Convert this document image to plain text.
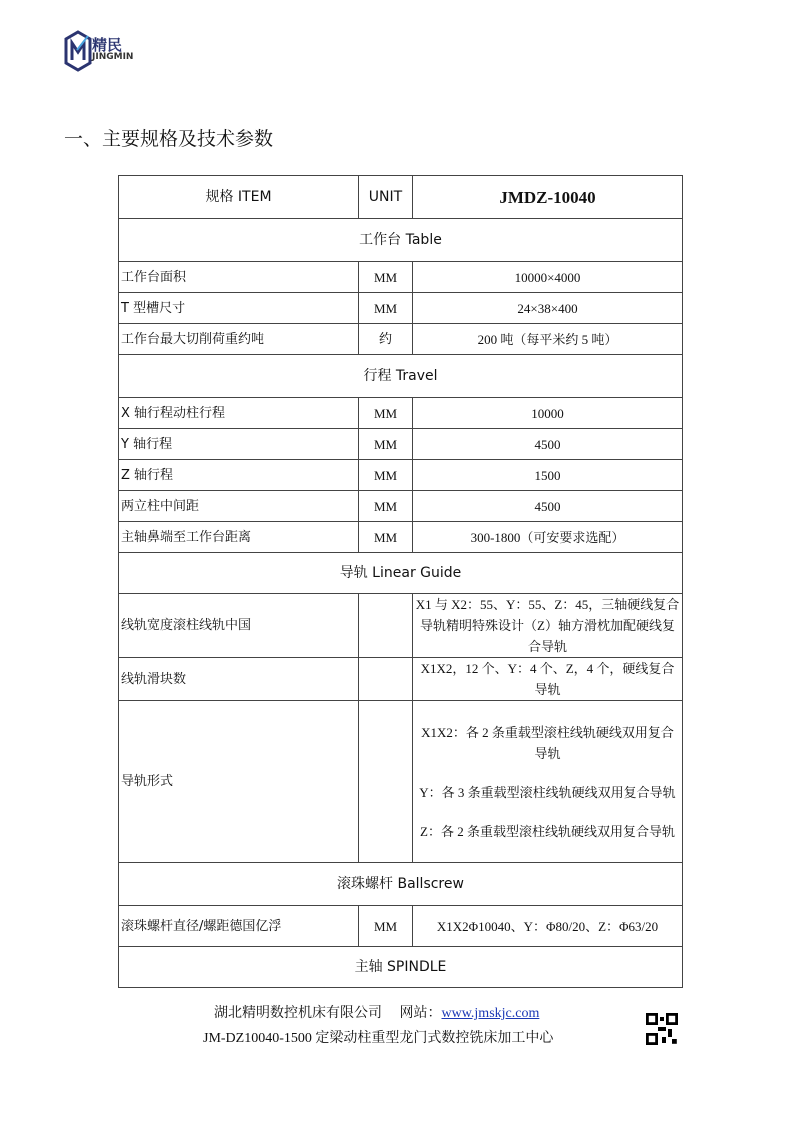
精民
JINGMIN
一、主要规格及技术参数
规格 ITEM	UNIT	JMDZ-10040
工作台 Table		
工作台面积	MM	10000×4000
T 型槽尺寸	MM	24×38×400
工作台最大切削荷重约吨	约	200 吨（每平米约 5 吨）
行程 Travel		
X 轴行程动柱行程	MM	10000
Y 轴行程	MM	4500
Z 轴行程	MM	1500
两立柱中间距	MM	4500
主轴鼻端至工作台距离	MM	300-1800（可安要求选配）
导轨 Linear Guide		
线轨宽度滚柱线轨中国		X1 与 X2：55、Y：55、Z：45，三轴硬线复合导轨精明特殊设计（Z）轴方滑枕加配硬线复合导轨
线轨滑块数		X1X2，12 个、Y：4 个、Z，4 个，硬线复合导轨
导轨形式		X1X2：各 2 条重载型滚柱线轨硬线双用复合导轨
Y：各 3 条重载型滚柱线轨硬线双用复合导轨
Z：各 2 条重载型滚柱线轨硬线双用复合导轨

滚珠螺杆 Ballscrew		
滚珠螺杆直径/螺距德国亿浮	MM	X1X2Φ10040、Y：Φ80/20、Z：Φ63/20
主轴 SPINDLE		
湖北精明数控机床有限公司 网站：www.jmskjc.com
JM-DZ10040-1500 定梁动柱重型龙门式数控铣床加工中心
